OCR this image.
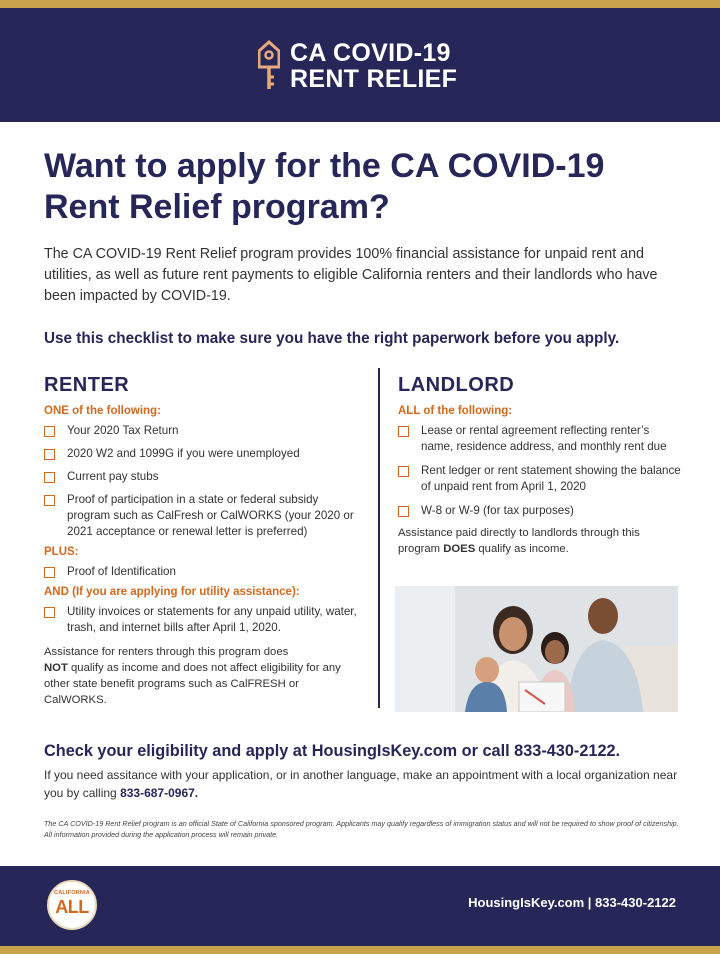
CA COVID-19
RENT RELIEF
Want to apply for the CA COVID-19 Rent Relief program?

The CA COVID-19 Rent Relief program provides 100% financial assistance for unpaid rent and utilities, as well as future rent payments to eligible California renters and their landlords who have been impacted by COVID-19.

Use this checklist to make sure you have the right paperwork before you apply.

RENTER

ONE of the following:

Your 2020 Tax Return
2020 W2 and 1099G if you were unemployed
Current pay stubs
Proof of participation in a state or federal subsidy program such as CalFresh or CalWORKS (your 2020 or 2021 acceptance or renewal letter is preferred)

PLUS:

Proof of Identification

AND (If you are applying for utility assistance):

Utility invoices or statements for any unpaid utility, water, trash, and internet bills after April 1, 2020.

Assistance for renters through this program does
NOT qualify as income and does not affect eligibility for any other state benefit programs such as CalFRESH or CalWORKS.

LANDLORD

ALL of the following:

Lease or rental agreement reflecting renter’s name, residence address, and monthly rent due
Rent ledger or rent statement showing the balance of unpaid rent from April 1, 2020
W-8 or W-9 (for tax purposes)

Assistance paid directly to landlords through this program DOES qualify as income.

Check your eligibility and apply at HousingIsKey.com or call 833-430-2122.

If you need assitance with your application, or in another language, make an appointment with a local organization near you by calling 833-687-0967.

The CA COVID-19 Rent Relief program is an official State of California sponsored program. Applicants may qualify regardless of immigration status and will not be required to show proof of citizenship. All information provided during the application process will remain private.

CALIFORNIA
ALL	HousingIsKey.com | 833-430-2122
